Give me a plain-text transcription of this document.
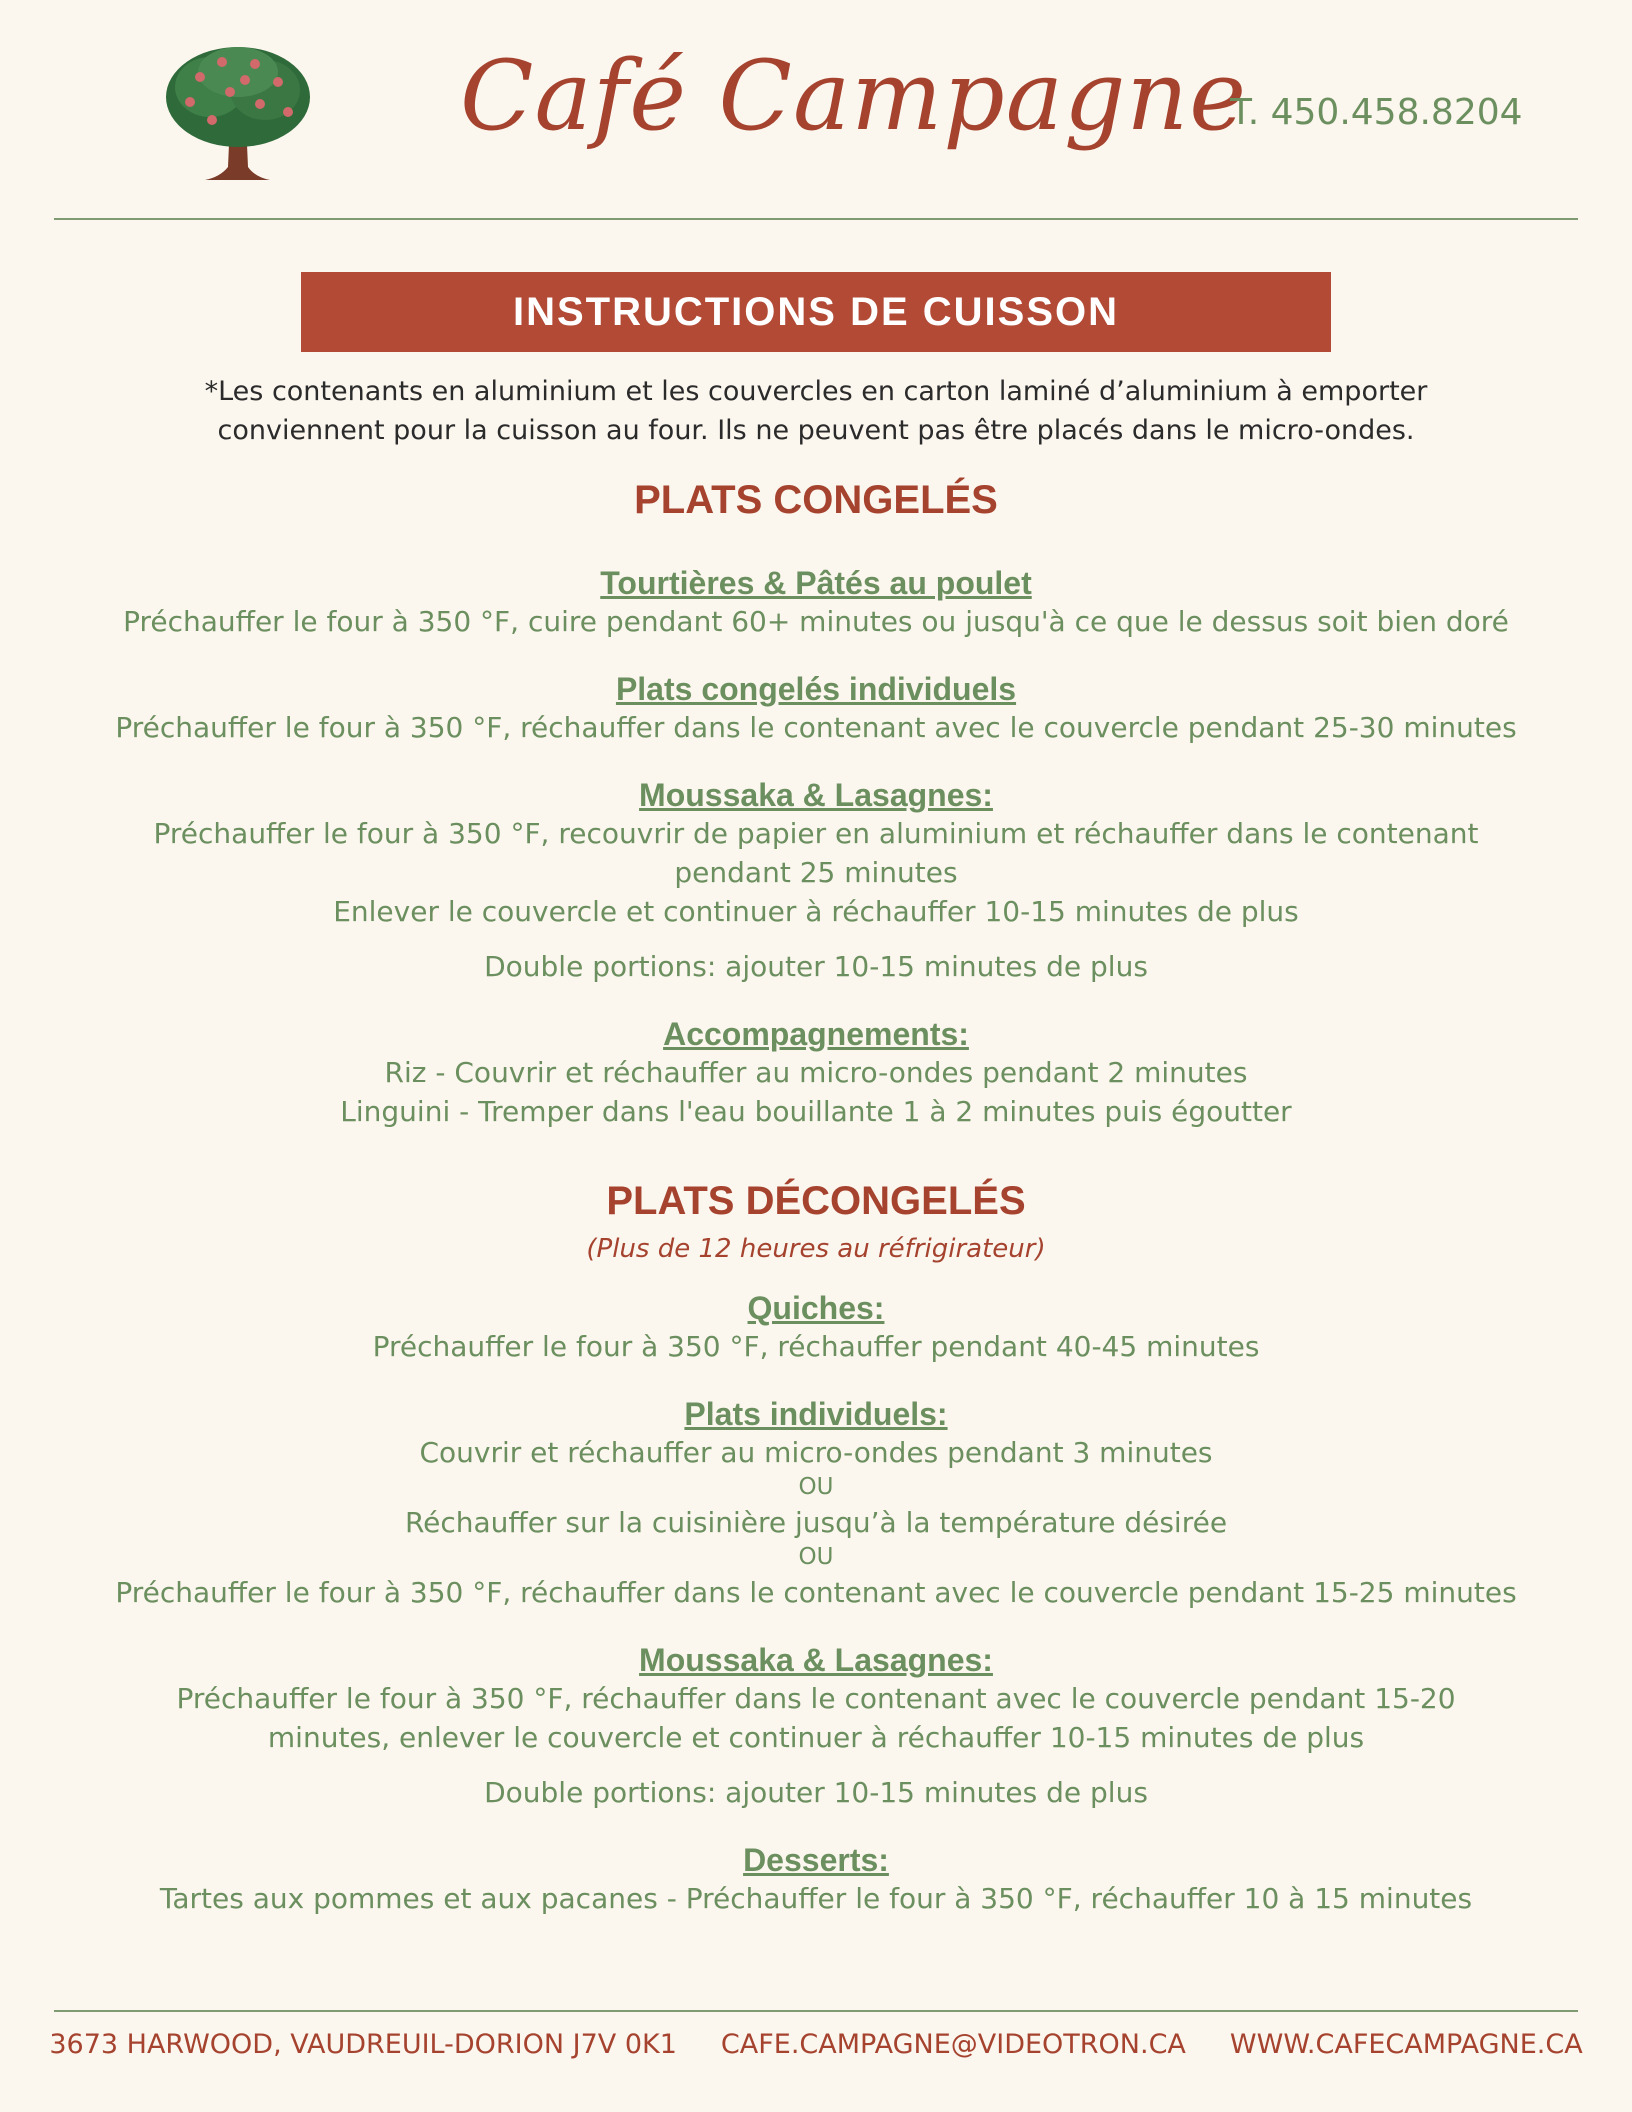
Café Campagne
T. 450.458.8204
INSTRUCTIONS DE CUISSON
*Les contenants en aluminium et les couvercles en carton laminé d’aluminium à emporter
conviennent pour la cuisson au four. Ils ne peuvent pas être placés dans le micro-ondes.
PLATS CONGELÉS
Tourtières & Pâtés au poulet
Préchauffer le four à 350 °F, cuire pendant 60+ minutes ou jusqu'à ce que le dessus soit bien doré
Plats congelés individuels
Préchauffer le four à 350 °F, réchauffer dans le contenant avec le couvercle pendant 25-30 minutes
Moussaka & Lasagnes:
Préchauffer le four à 350 °F, recouvrir de papier en aluminium et réchauffer dans le contenant
pendant 25 minutes
Enlever le couvercle et continuer à réchauffer 10-15 minutes de plus
Double portions: ajouter 10-15 minutes de plus
Accompagnements:
Riz - Couvrir et réchauffer au micro-ondes pendant 2 minutes
Linguini - Tremper dans l'eau bouillante 1 à 2 minutes puis égoutter
PLATS DÉCONGELÉS
(Plus de 12 heures au réfrigirateur)
Quiches:
Préchauffer le four à 350 °F, réchauffer pendant 40-45 minutes
Plats individuels:
Couvrir et réchauffer au micro-ondes pendant 3 minutes
OU
Réchauffer sur la cuisinière jusqu’à la température désirée
OU
Préchauffer le four à 350 °F, réchauffer dans le contenant avec le couvercle pendant 15-25 minutes
Moussaka & Lasagnes:
Préchauffer le four à 350 °F, réchauffer dans le contenant avec le couvercle pendant 15-20
minutes, enlever le couvercle et continuer à réchauffer 10-15 minutes de plus
Double portions: ajouter 10-15 minutes de plus
Desserts:
Tartes aux pommes et aux pacanes - Préchauffer le four à 350 °F, réchauffer 10 à 15 minutes
3673 HARWOOD, VAUDREUIL-DORION J7V 0K1 CAFE.CAMPAGNE@VIDEOTRON.CA WWW.CAFECAMPAGNE.CA
